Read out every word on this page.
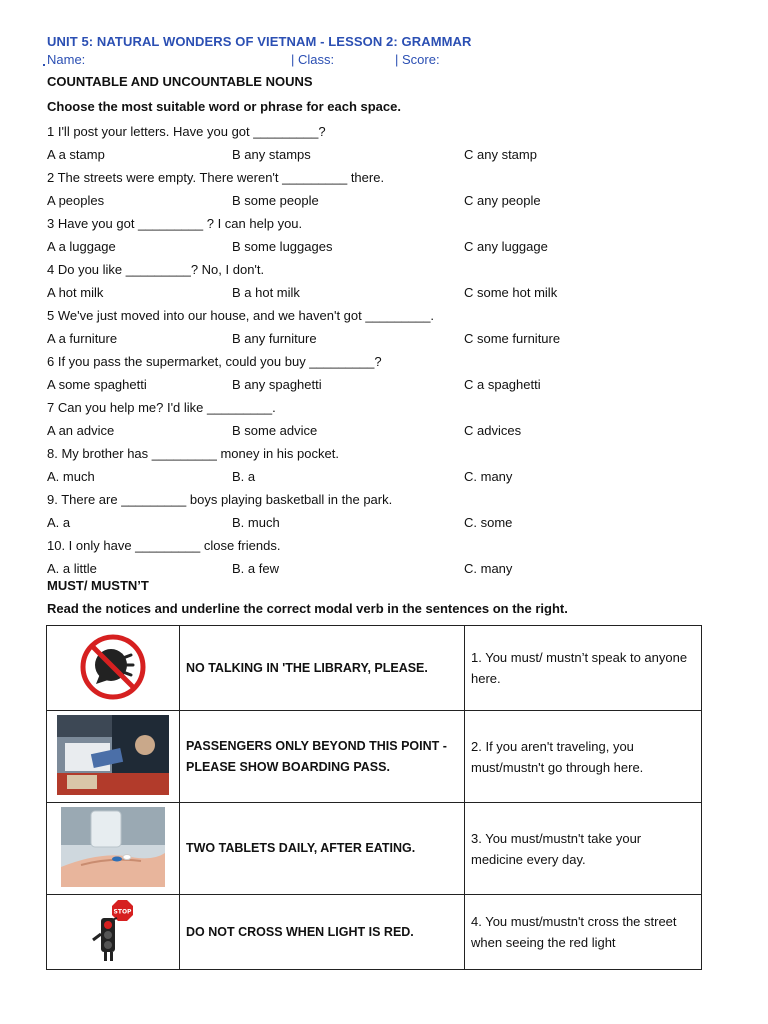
UNIT 5: NATURAL WONDERS OF VIETNAM - LESSON 2: GRAMMAR
Name:	| Class:	| Score:
COUNTABLE AND UNCOUNTABLE NOUNS
Choose the most suitable word or phrase for each space.
1 I'll post your letters. Have you got _________?
A a stamp	B any stamps	C any stamp
2 The streets were empty. There weren't _________ there.
A peoples	B some people	C any people
3 Have you got _________ ? I can help you.
A a luggage	B some luggages	C any luggage
4 Do you like _________? No, I don't.
A hot milk	B a hot milk	C some hot milk
5 We've just moved into our house, and we haven't got _________.
A a furniture	B any furniture	C some furniture
6 If you pass the supermarket, could you buy _________?
A some spaghetti	B any spaghetti	C a spaghetti
7 Can you help me? I'd like _________.
A an advice	B some advice	C advices
8. My brother has _________ money in his pocket.
A. much	B. a	C. many
9. There are _________ boys playing basketball in the park.
A. a	B. much	C. some
10. I only have _________ close friends.
A. a little	B. a few	C. many
MUST/ MUSTN’T
Read the notices and underline the correct modal verb in the sentences on the right.
	NO TALKING IN 'THE LIBRARY, PLEASE.	1. You must/ mustn’t speak to anyone here.
	PASSENGERS ONLY BEYOND THIS POINT - PLEASE SHOW BOARDING PASS.	2. If you aren't traveling, you must/mustn't go through here.
	TWO TABLETS DAILY, AFTER EATING.	3. You must/mustn't take your medicine every day.

STOP	DO NOT CROSS WHEN LIGHT IS RED.	4. You must/mustn't cross the street when seeing the red light
